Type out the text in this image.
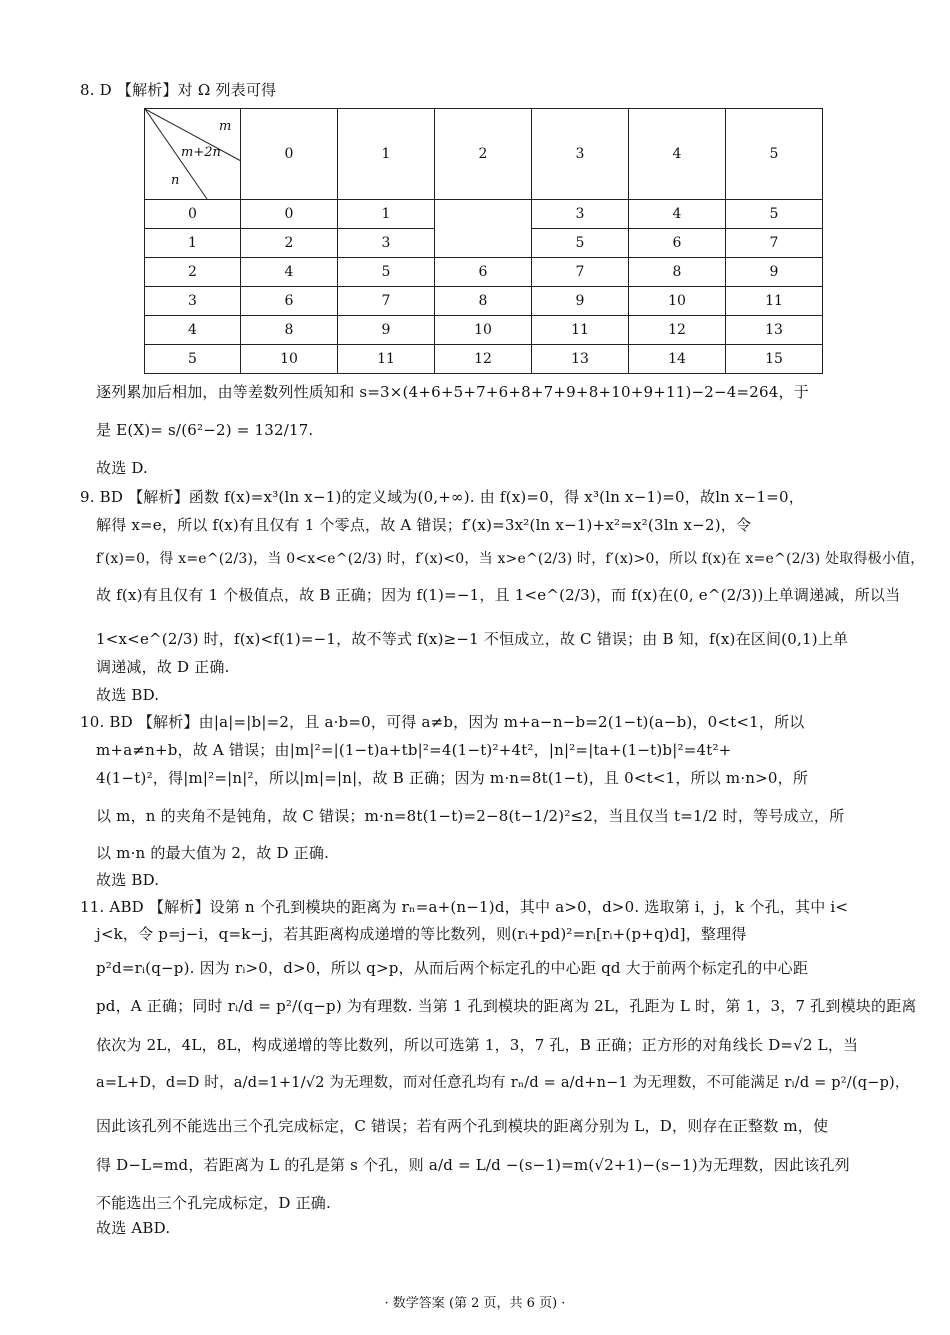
8. D 【解析】对 Ω 列表可得
m
m+2n
n	0	1	2	3	4	5
0	0	1		3	4	5
1	2	3		5	6	7
2	4	5	6	7	8	9
3	6	7	8	9	10	11
4	8	9	10	11	12	13
5	10	11	12	13	14	15
逐列累加后相加，由等差数列性质知和 s=3×(4+6+5+7+6+8+7+9+8+10+9+11)−2−4=264，于
是 E(X)= s/(6²−2) = 132/17.
故选 D.
9. BD 【解析】函数 f(x)=x³(ln x−1)的定义域为(0,+∞). 由 f(x)=0，得 x³(ln x−1)=0，故ln x−1=0，
解得 x=e，所以 f(x)有且仅有 1 个零点，故 A 错误；f′(x)=3x²(ln x−1)+x²=x²(3ln x−2)，令
f′(x)=0，得 x=e^(2/3)，当 0<x<e^(2/3) 时，f′(x)<0，当 x>e^(2/3) 时，f′(x)>0，所以 f(x)在 x=e^(2/3) 处取得极小值，
故 f(x)有且仅有 1 个极值点，故 B 正确；因为 f(1)=−1，且 1<e^(2/3)，而 f(x)在(0, e^(2/3))上单调递减，所以当
1<x<e^(2/3) 时，f(x)<f(1)=−1，故不等式 f(x)≥−1 不恒成立，故 C 错误；由 B 知，f(x)在区间(0,1)上单
调递减，故 D 正确.
故选 BD.
10. BD 【解析】由|a|=|b|=2，且 a·b=0，可得 a≠b，因为 m+a−n−b=2(1−t)(a−b)，0<t<1，所以
m+a≠n+b，故 A 错误；由|m|²=|(1−t)a+tb|²=4(1−t)²+4t²，|n|²=|ta+(1−t)b|²=4t²+
4(1−t)²，得|m|²=|n|²，所以|m|=|n|，故 B 正确；因为 m·n=8t(1−t)，且 0<t<1，所以 m·n>0，所
以 m，n 的夹角不是钝角，故 C 错误；m·n=8t(1−t)=2−8(t−1/2)²≤2，当且仅当 t=1/2 时，等号成立，所
以 m·n 的最大值为 2，故 D 正确.
故选 BD.
11. ABD 【解析】设第 n 个孔到模块的距离为 rₙ=a+(n−1)d，其中 a>0，d>0. 选取第 i，j，k 个孔，其中 i<
j<k，令 p=j−i，q=k−j，若其距离构成递增的等比数列，则(rᵢ+pd)²=rᵢ[rᵢ+(p+q)d]，整理得
p²d=rᵢ(q−p). 因为 rᵢ>0，d>0，所以 q>p，从而后两个标定孔的中心距 qd 大于前两个标定孔的中心距
pd，A 正确；同时 rᵢ/d = p²/(q−p) 为有理数. 当第 1 孔到模块的距离为 2L，孔距为 L 时，第 1，3，7 孔到模块的距离
依次为 2L，4L，8L，构成递增的等比数列，所以可选第 1，3，7 孔，B 正确；正方形的对角线长 D=√2 L，当
a=L+D，d=D 时，a/d=1+1/√2 为无理数，而对任意孔均有 rₙ/d = a/d+n−1 为无理数，不可能满足 rᵢ/d = p²/(q−p)，
因此该孔列不能选出三个孔完成标定，C 错误；若有两个孔到模块的距离分别为 L，D，则存在正整数 m，使
得 D−L=md，若距离为 L 的孔是第 s 个孔，则 a/d = L/d −(s−1)=m(√2+1)−(s−1)为无理数，因此该孔列
不能选出三个孔完成标定，D 正确.
故选 ABD.
· 数学答案 (第 2 页，共 6 页) ·
